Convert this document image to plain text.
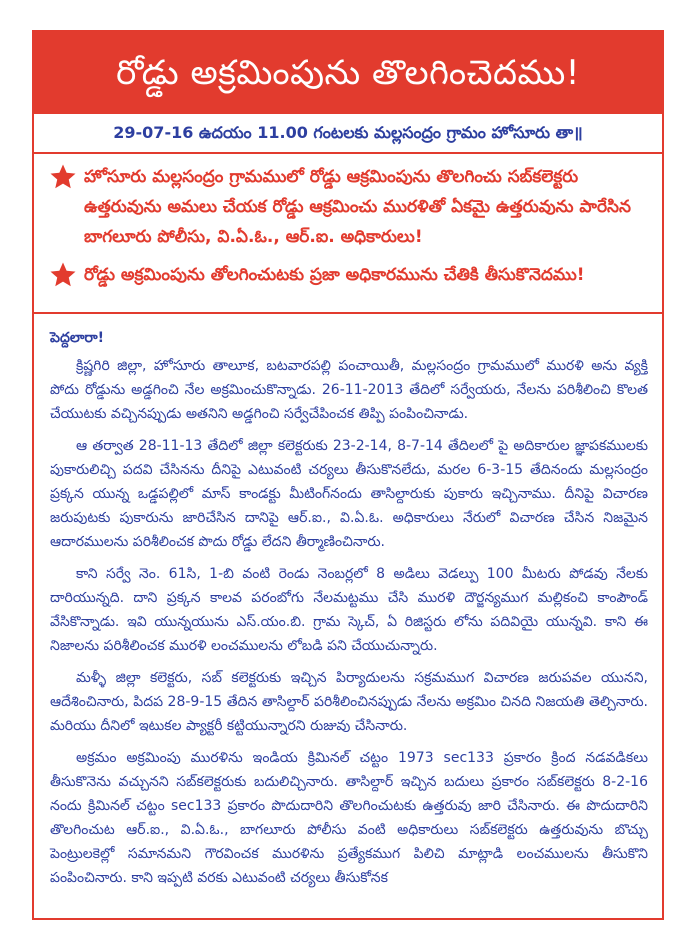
రోడ్డు అక్రమింపును తొలగించెదము!
29-07-16 ఉదయం 11.00 గంటలకు మల్లసంద్రం గ్రామం హోసూరు తా॥
హోసూరు మల్లసంద్రం గ్రామములో రోడ్డు ఆక్రమింపును తొలగించు సబ్‌కలెక్టరు ఉత్తరువును అమలు చేయక రోడ్డు ఆక్రమించు మురళితో ఏకమై ఉత్తరువును పారేసిన బాగలూరు పోలీసు, వి.ఏ.ఓ., ఆర్.ఐ. అధికారులు!
రోడ్డు అక్రమింపును తోలగించుటకు ప్రజా అధికారమును చేతికి తీసుకొనెదము!
పెద్దలారా!

క్రిష్ణగిరి జిల్లా, హోసూరు తాలూక, బటవారపల్లి పంచాయితీ, మల్లసంద్రం గ్రామములో మురళి అను వ్యక్తి పోదు రోడ్డును అడ్డగించి నేల అక్రమించుకొన్నాడు. 26-11-2013 తేదిలో సర్వేయరు, నేలను పరిశీలించి కొలత చేయుటకు వచ్చినప్పుడు అతనిని అడ్డగించి సర్వేచేపించక తిప్పి పంపించినాడు.

ఆ తర్వాత 28-11-13 తేదిలో జిల్లా కలెక్టరుకు 23-2-14, 8-7-14 తేదిలలో పై అదికారుల జ్ఞాపకములకు పుకారులిచ్చి పదవి చేసినను దీనిపై ఎటువంటి చర్యలు తీసుకొనలేదు, మరల 6-3-15 తేదినందు మల్లసంద్రం ప్రక్కన యున్న ఒడ్డపల్లిలో మాస్ కాండక్టు మీటింగ్‌నందు తాసిల్దారుకు పుకారు ఇచ్చినాము. దీనిపై విచారణ జరుపుటకు పుకారును జారిచేసిన దానిపై ఆర్.ఐ., వి.ఏ.ఓ. అధికారులు నేరులో విచారణ చేసిన నిజమైన ఆదారములను పరిశీలించక పొదు రోడ్డు లేదని తీర్మాణించినారు.

కాని సర్వే నెం. 61సి, 1-బి వంటి రెండు నెంబర్లలో 8 అడిలు వెడల్పు 100 మీటరు పోడవు నేలకు దారియున్నది. దాని ప్రక్కన కాలవ పరంబోగు నేలమట్టము చేసి మురళి దౌర్జన్యముగ మల్లికంచి కాంపౌండ్ వేసికొన్నాడు. ఇవి యున్నయును ఎస్.యం.బి. గ్రామ స్కెచ్, ఏ రిజిస్టరు లోను పదివియై యున్నవి. కాని ఈ నిజాలను పరిశీలించక మురళి లంచములను లోబడి పని చేయుచున్నారు.

మళ్ళీ జిల్లా కలెక్టరు, సబ్ కలెక్టరుకు ఇచ్చిన పిర్యాదులను సక్రమముగ విచారణ జరుపవల యునని, ఆదేశించినారు, పిదప 28-9-15 తేదిన తాసిల్దార్ పరిశీలించినప్పుడు నేలను అక్రమిం చినది నిజయతి తెల్చినారు. మరియు దీనిలో ఇటుకల ప్యాక్టరీ కట్టియున్నారని రుజువు చేసినారు.

అక్రమం అక్రమింపు మురళిను ఇండియ క్రిమినల్ చట్టం 1973 sec133 ప్రకారం క్రింద నడవడికలు తీసుకొనెను వచ్చునని సబ్‌కలెక్టరుకు బదులిచ్చినారు. తాసిల్దార్ ఇచ్చిన బదులు ప్రకారం సబ్‌కలెక్టరు 8-2-16 నందు క్రిమినల్ చట్టం sec133 ప్రకారం పొదుదారిని తొలగించుటకు ఉత్తరువు జారి చేసినారు. ఈ పొదుదారిని తొలగించుట ఆర్.ఐ., వి.ఏ.ఓ., బాగలూరు పోలీసు వంటి అధికారులు సబ్‌కలెక్టరు ఉత్తరువును బొచ్చు పెంట్రులకెల్లో సమానమని గౌరవించక మురళిను ప్రత్యేకముగ పిలిచి మాట్లాడి లంచములను తీసుకొని పంపించినారు. కాని ఇప్పటి వరకు ఎటువంటి చర్యలు తీసుకోనక
